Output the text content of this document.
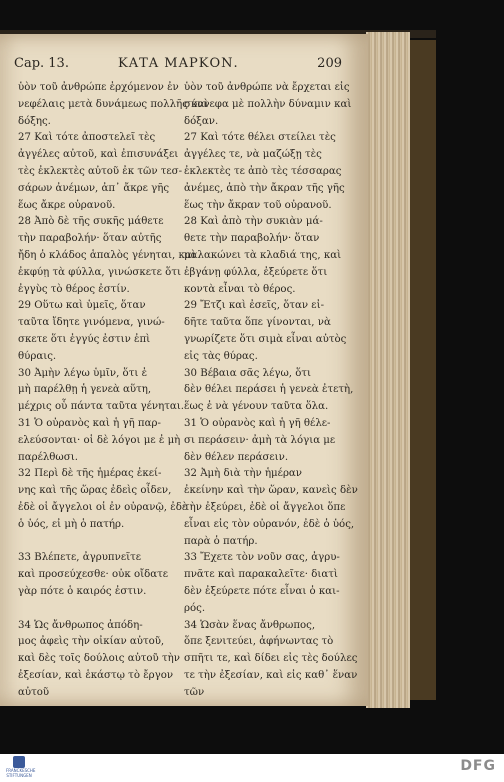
Cap. 13.	ΚΑΤΑ ΜΑΡΚΟΝ.	209

ὑὸν τοῦ ἀνθρώπε ἐρχόμενον ἐν

νεφέλαις μετὰ δυνάμεως πολλῆς καὶ

δόξης.

27 Καὶ τότε ἀποστελεῖ τὲς

ἀγγέλες αὐτοῦ, καὶ ἐπισυνάξει

τὲς ἐκλεκτὲς αὐτοῦ ἐκ τῶν τεσ-

σάρων ἀνέμων, ἀπ᾽ ἄκρε γῆς

ἕως ἄκρε οὐρανοῦ.

28 Ἀπὸ δὲ τῆς συκῆς μάθετε

τὴν παραβολήν· ὅταν αὐτῆς

ἤδη ὁ κλάδος ἁπαλὸς γένηται, καὶ

ἐκφύῃ τὰ φύλλα, γινώσκετε ὅτι

ἐγγὺς τὸ θέρος ἐστίν.

29 Οὕτω καὶ ὑμεῖς, ὅταν

ταῦτα ἴδητε γινόμενα, γινώ-

σκετε ὅτι ἐγγύς ἐστιν ἐπὶ

θύραις.

30 Ἀμὴν λέγω ὑμῖν, ὅτι ἐ

μὴ παρέλθῃ ἡ γενεὰ αὕτη,

μέχρις οὗ πάντα ταῦτα γένηται.

31 Ὁ οὐρανὸς καὶ ἡ γῆ παρ-

ελεύσονται· οἱ δὲ λόγοι με ἐ μὴ

παρέλθωσι.

32 Περὶ δὲ τῆς ἡμέρας ἐκεί-

νης καὶ τῆς ὥρας ἐδεὶς οἶδεν,

ἐδὲ οἱ ἄγγελοι οἱ ἐν οὐρανῷ, ἐδὲ

ὁ ὑός, εἰ μὴ ὁ πατήρ.

33 Βλέπετε, ἀγρυπνεῖτε

καὶ προσεύχεσθε· οὐκ οἴδατε

γὰρ πότε ὁ καιρός ἐστιν.

34 Ὡς ἄνθρωπος ἀπόδη-

μος ἀφεὶς τὴν οἰκίαν αὐτοῦ,

καὶ δὲς τοῖς δούλοις αὐτοῦ τὴν

ἐξεσίαν, καὶ ἑκάστῳ τὸ ἔργον

αὐτοῦ

ὑὸν τοῦ ἀνθρώπε νὰ ἔρχεται εἰς

σύννεφα μὲ πολλὴν δύναμιν καὶ

δόξαν.

27 Καὶ τότε θέλει στείλει τὲς

ἀγγέλες τε, νὰ μαζώξῃ τὲς

ἐκλεκτὲς τε ἀπὸ τὲς τέσσαρας

ἀνέμες, ἀπὸ τὴν ἄκραν τῆς γῆς

ἕως τὴν ἄκραν τοῦ οὐρανοῦ.

28 Καὶ ἀπὸ τὴν συκιὰν μά-

θετε τὴν παραβολήν· ὅταν

μαλακώνει τὰ κλαδιά της, καὶ

ἐβγάνῃ φύλλα, ἐξεύρετε ὅτι

κοντὰ εἶναι τὸ θέρος.

29 Ἔτζι καὶ ἐσεῖς, ὅταν εἰ-

δῆτε ταῦτα ὅπε γίνονται, νὰ

γνωρίζετε ὅτι σιμὰ εἶναι αὐτὸς

εἰς τὰς θύρας.

30 Βέβαια σᾶς λέγω, ὅτι

δὲν θέλει περάσει ἡ γενεὰ ἐτετὴ,

ἕως ἐ νὰ γένουν ταῦτα ὅλα.

31 Ὁ οὐρανὸς καὶ ἡ γῆ θέλε-

σι περάσειν· ἀμὴ τὰ λόγια με

δὲν θέλεν περάσειν.

32 Ἀμὴ διὰ τὴν ἡμέραν

ἐκείνην καὶ τὴν ὥραν, κανεὶς δὲν

τὴν ἐξεύρει, ἐδὲ οἱ ἄγγελοι ὅπε

εἶναι εἰς τὸν οὐρανόν, ἐδὲ ὁ ὑός,

παρὰ ὁ πατήρ.

33 Ἔχετε τὸν νοῦν σας, ἀγρυ-

πνᾶτε καὶ παρακαλεῖτε· διατὶ

δὲν ἐξεύρετε πότε εἶναι ὁ και-

ρός.

34 Ὡσὰν ἕνας ἄνθρωπος,

ὅπε ξενιτεύει, ἀφήνωντας τὸ

σπῆτι τε, καὶ δίδει εἰς τὲς δούλες

τε τὴν ἐξεσίαν, καὶ εἰς καθ᾽ ἕναν

τῶν

FRANCKESCHE STIFTUNGEN
DFG
